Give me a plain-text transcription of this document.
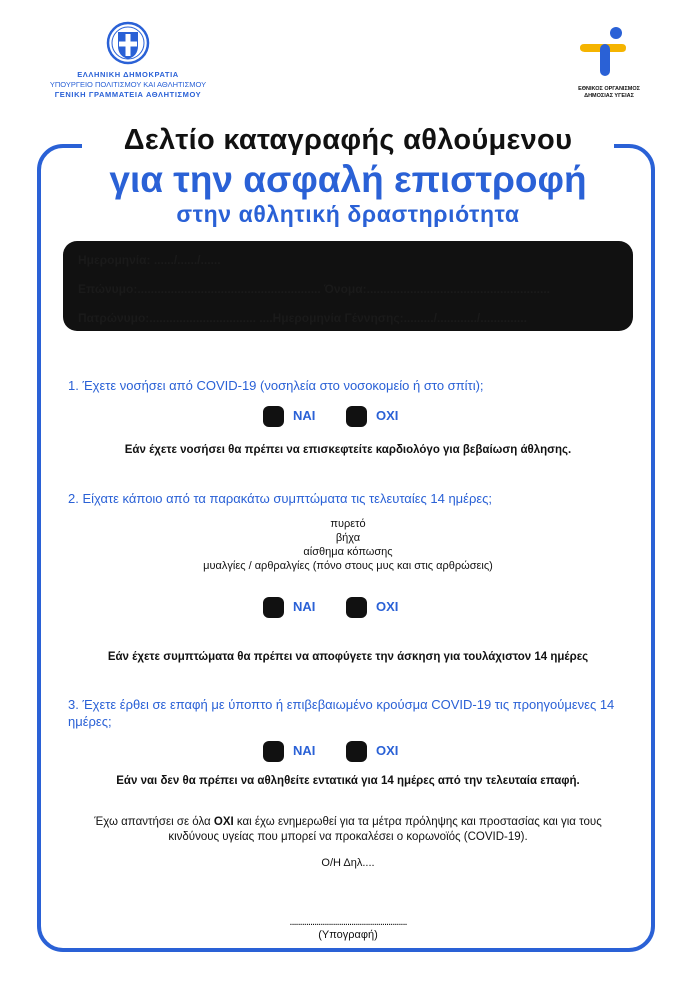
ΕΛΛΗΝΙΚΗ ΔΗΜΟΚΡΑΤΙΑ
ΥΠΟΥΡΓΕΙΟ ΠΟΛΙΤΙΣΜΟΥ ΚΑΙ ΑΘΛΗΤΙΣΜΟΥ
ΓΕΝΙΚΗ ΓΡΑΜΜΑΤΕΙΑ ΑΘΛΗΤΙΣΜΟΥ
ΕΘΝΙΚΟΣ ΟΡΓΑΝΙΣΜΟΣ
ΔΗΜΟΣΙΑΣ ΥΓΕΙΑΣ
Δελτίο καταγραφής αθλούμενου
για την ασφαλή επιστροφή
στην αθλητική δραστηριότητα
Ημερομηνία: ....../....../......
Επώνυμο:....................................................... Όνομα:.......................................................
Πατρώνυμο:................................ ....Ημερομηνία Γέννησης:........./............/..............
1. Έχετε νοσήσει από COVID-19 (νοσηλεία στο νοσοκομείο ή στο σπίτι);
ΝΑΙ	ΟΧΙ
Εάν έχετε νοσήσει θα πρέπει να επισκεφτείτε καρδιολόγο για βεβαίωση άθλησης.
2. Είχατε κάποιο από τα παρακάτω συμπτώματα τις τελευταίες 14 ημέρες;
πυρετό
βήχα
αίσθημα κόπωσης
μυαλγίες / αρθραλγίες (πόνο στους μυς και στις αρθρώσεις)
ΝΑΙ	ΟΧΙ
Εάν έχετε συμπτώματα θα πρέπει να αποφύγετε την άσκηση για τουλάχιστον 14 ημέρες
3. Έχετε έρθει σε επαφή με ύποπτο ή επιβεβαιωμένο κρούσμα COVID-19 τις προηγούμενες 14 ημέρες;
ΝΑΙ	ΟΧΙ
Εάν ναι δεν θα πρέπει να αθληθείτε εντατικά για 14 ημέρες από την τελευταία επαφή.
Έχω απαντήσει σε όλα ΟΧΙ και έχω ενημερωθεί για τα μέτρα πρόληψης και προστασίας και για τους κινδύνους υγείας που μπορεί να προκαλέσει ο κορωνοϊός (COVID-19).
Ο/Η Δηλ....
.........................................................
(Υπογραφή)
